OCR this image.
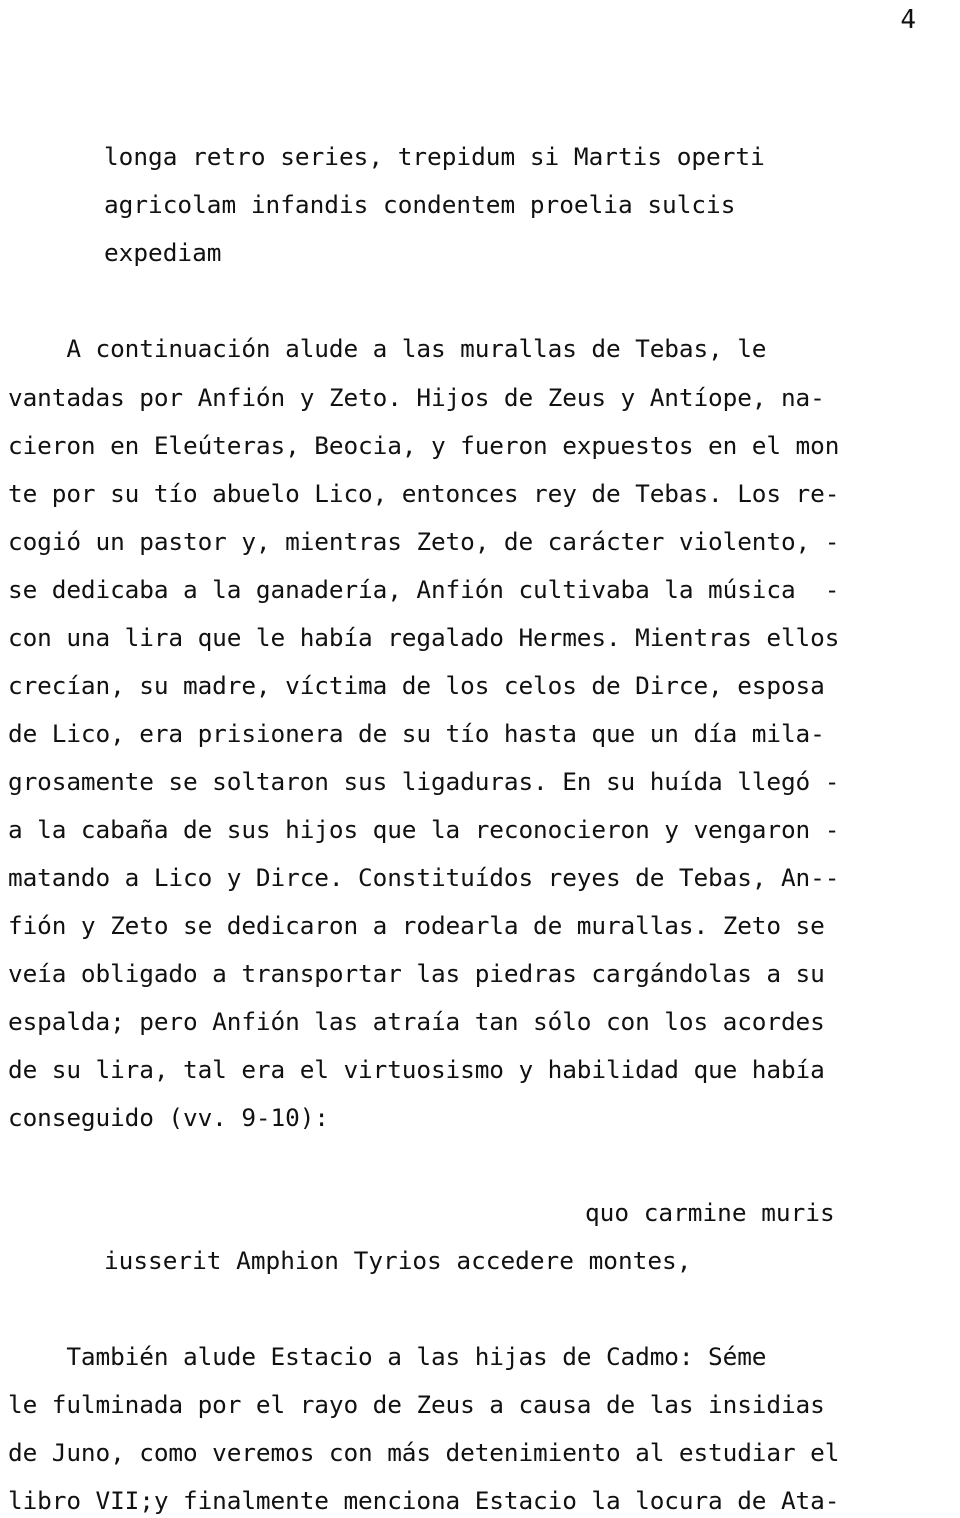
4
longa retro series, trepidum si Martis operti
agricolam infandis condentem proelia sulcis
expediam
A continuación alude a las murallas de Tebas, le
vantadas por Anfión y Zeto. Hijos de Zeus y Antíope, na-
cieron en Eleúteras, Beocia, y fueron expuestos en el mon
te por su tío abuelo Lico, entonces rey de Tebas. Los re-
cogió un pastor y, mientras Zeto, de carácter violento, -
se dedicaba a la ganadería, Anfión cultivaba la música  -
con una lira que le había regalado Hermes. Mientras ellos
crecían, su madre, víctima de los celos de Dirce, esposa
de Lico, era prisionera de su tío hasta que un día mila-
grosamente se soltaron sus ligaduras. En su huída llegó -
a la cabaña de sus hijos que la reconocieron y vengaron -
matando a Lico y Dirce. Constituídos reyes de Tebas, An--
fión y Zeto se dedicaron a rodearla de murallas. Zeto se
veía obligado a transportar las piedras cargándolas a su
espalda; pero Anfión las atraía tan sólo con los acordes
de su lira, tal era el virtuosismo y habilidad que había
conseguido (vv. 9-10):
quo carmine muris
iusserit Amphion Tyrios accedere montes,
También alude Estacio a las hijas de Cadmo: Séme
le fulminada por el rayo de Zeus a causa de las insidias
de Juno, como veremos con más detenimiento al estudiar el
libro VII;y finalmente menciona Estacio la locura de Ata-
